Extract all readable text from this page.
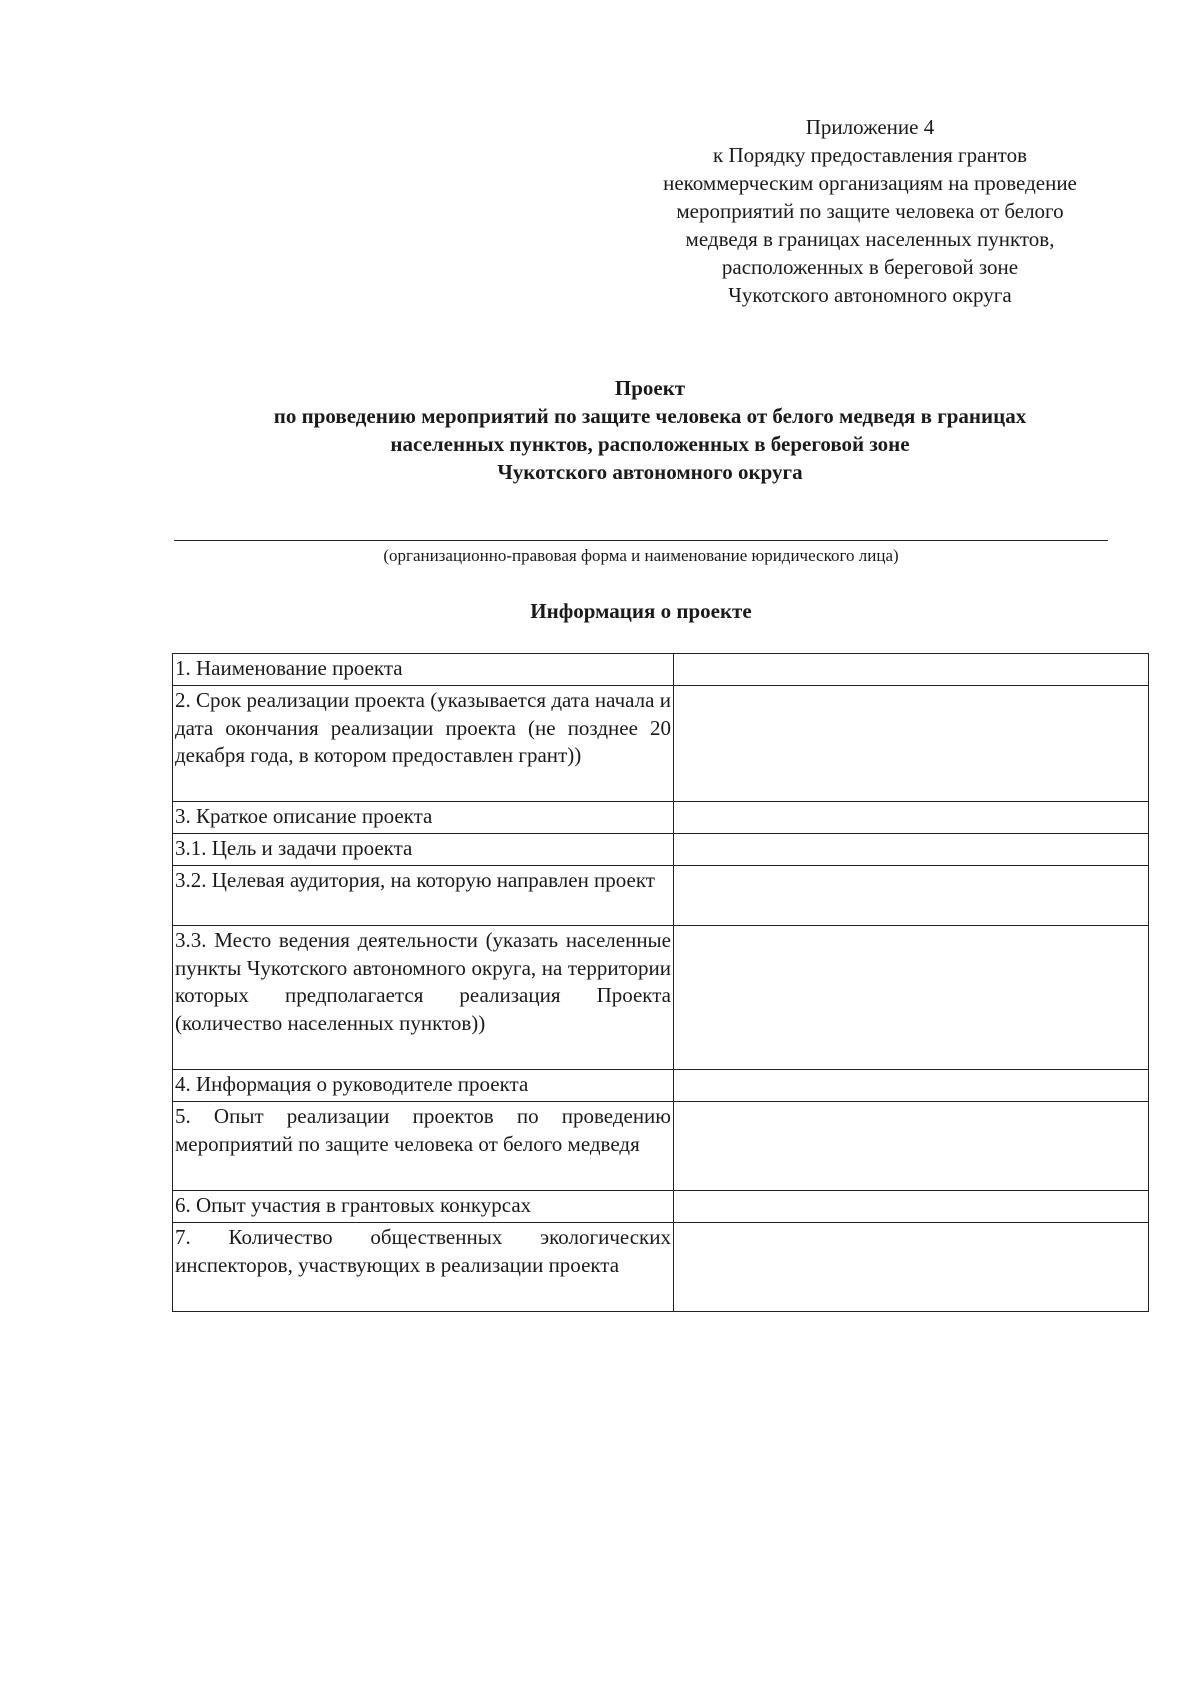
Приложение 4
к Порядку предоставления грантов
некоммерческим организациям на проведение
мероприятий по защите человека от белого
медведя в границах населенных пунктов,
расположенных в береговой зоне
Чукотского автономного округа
Проект
по проведению мероприятий по защите человека от белого медведя в границах
населенных пунктов, расположенных в береговой зоне
Чукотского автономного округа
(организационно-правовая форма и наименование юридического лица)
Информация о проекте
1. Наименование проекта	
2. Срок реализации проекта (указывается дата начала и дата окончания реализации проекта (не позднее 20 декабря года, в котором предоставлен грант))	
3. Краткое описание проекта	
3.1. Цель и задачи проекта	
3.2. Целевая аудитория, на которую направлен проект	
3.3. Место ведения деятельности (указать населенные пункты Чукотского автономного округа, на территории которых предполагается реализация Проекта (количество населенных пунктов))	
4. Информация о руководителе проекта	
5. Опыт реализации проектов по проведению мероприятий по защите человека от белого медведя	
6. Опыт участия в грантовых конкурсах	
7. Количество общественных экологических инспекторов, участвующих в реализации проекта	
